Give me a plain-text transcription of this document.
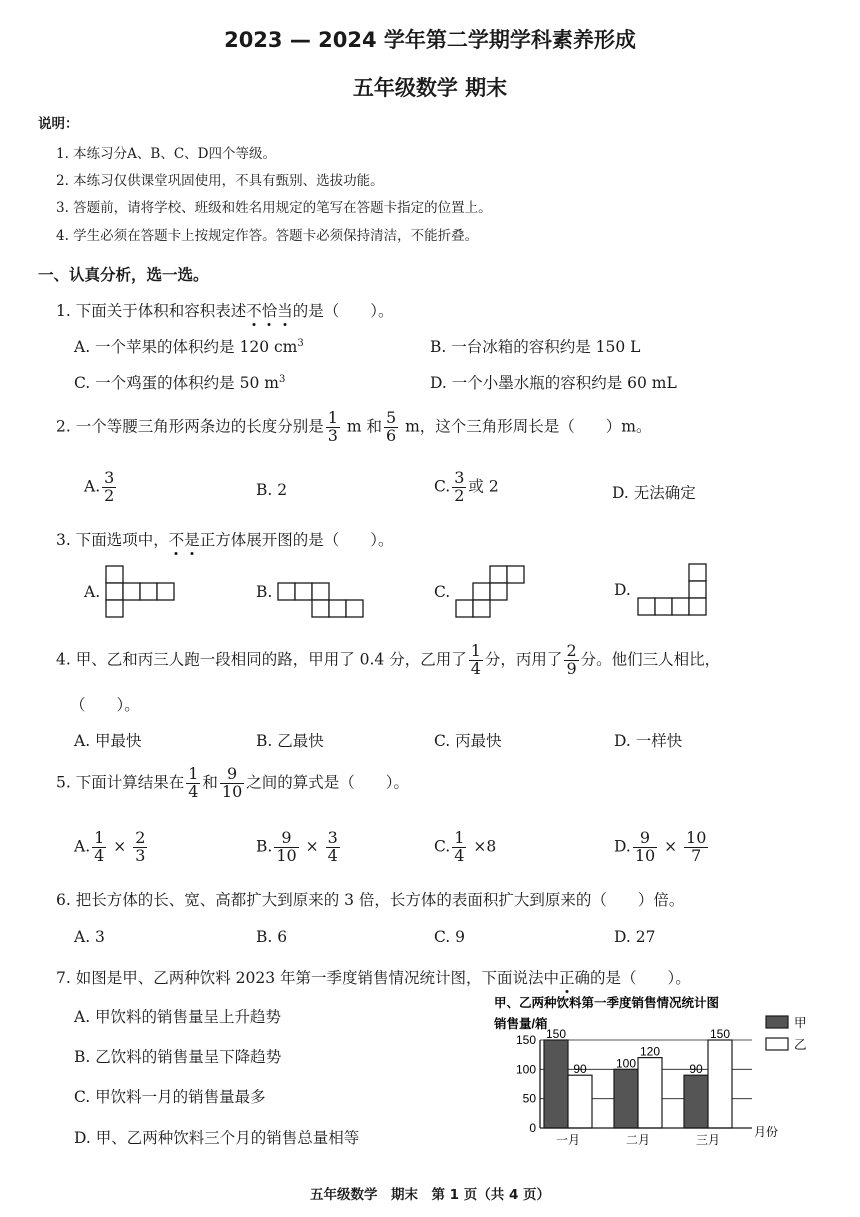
2023 — 2024 学年第二学期学科素养形成
五年级数学 期末
说明：
1. 本练习分A、B、C、D四个等级。
2. 本练习仅供课堂巩固使用，不具有甄别、选拔功能。
3. 答题前，请将学校、班级和姓名用规定的笔写在答题卡指定的位置上。
4. 学生必须在答题卡上按规定作答。答题卡必须保持清洁，不能折叠。
一、认真分析，选一选。
1. 下面关于体积和容积表述不恰当的是（　　）。
A. 一个苹果的体积约是 120 $cm^3$	B. 一台冰箱的容积约是 150 L
C. 一个鸡蛋的体积约是 50 $m^3$	D. 一个小墨水瓶的容积约是 60 mL
2. 一个等腰三角形两条边的长度分别是 $\frac{1}{3}$ m 和 $\frac{5}{6}$ m，这个三角形周长是（　　）m。
A. $\frac{3}{2}$	B. 2	C. $\frac{3}{2}$ 或 2	D. 无法确定
3. 下面选项中，不是正方体展开图的是（　　）。
A.	B.	C.	D.
4. 甲、乙和丙三人跑一段相同的路，甲用了 0.4 分，乙用了 $\frac{1}{4}$ 分，丙用了 $\frac{2}{9}$ 分。他们三人相比，
（　　）。
A. 甲最快	B. 乙最快	C. 丙最快	D. 一样快
5. 下面计算结果在 $\frac{1}{4}$ 和 $\frac{9}{10}$ 之间的算式是（　　）。
A. $\frac{1}{4} \times \frac{2}{3}$	B. $\frac{9}{10} \times \frac{3}{4}$	C. $\frac{1}{4} \times 8$	D. $\frac{9}{10} \times \frac{10}{7}$
6. 把长方体的长、宽、高都扩大到原来的 3 倍，长方体的表面积扩大到原来的（　　）倍。
A. 3	B. 6	C. 9	D. 27
7. 如图是甲、乙两种饮料 2023 年第一季度销售情况统计图，下面说法中正确的是（　　）。
A. 甲饮料的销售量呈上升趋势
B. 乙饮料的销售量呈下降趋势
C. 甲饮料一月的销售量最多
D. 甲、乙两种饮料三个月的销售总量相等
甲、乙两种饮料第一季度销售情况统计图
销售量/箱
0
50
100
150 150
90
一月
100
120
二月
90
150
三月
甲
乙
月份
五年级数学　期末　第 1 页（共 4 页）
